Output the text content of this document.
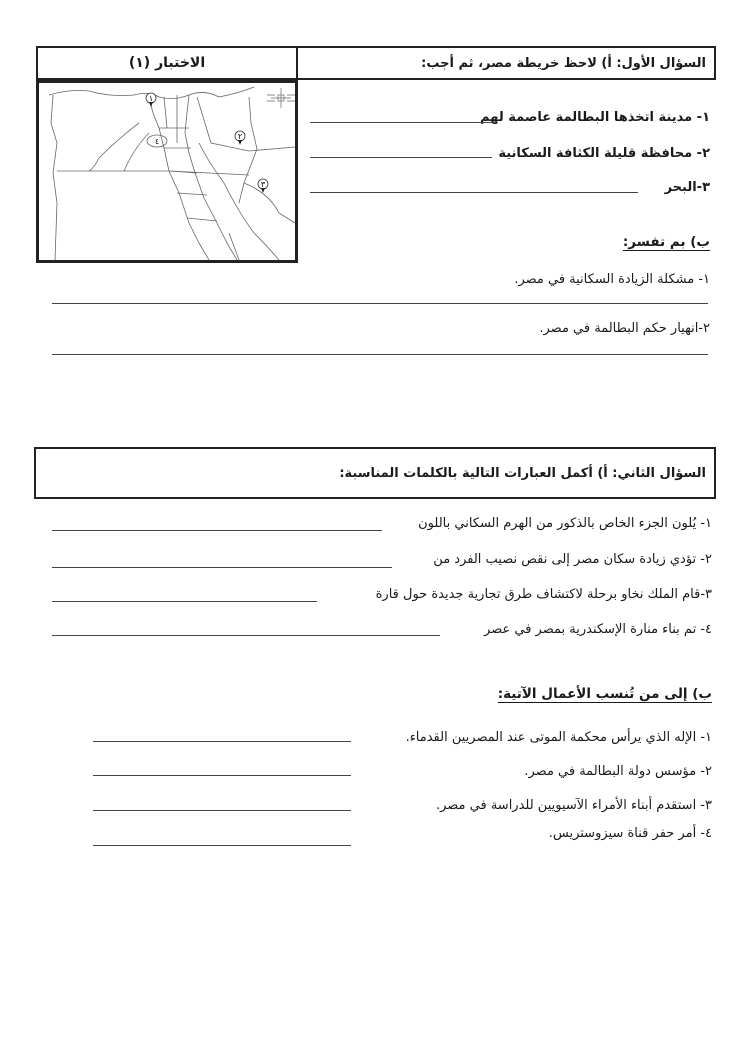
السؤال الأول: أ) لاحظ خريطة مصر، ثم أجب:
الاختبار (١)
١
٢
٣
٤
١- مدينة اتخذها البطالمة عاصمة لهم
٢- محافظة قليلة الكثافة السكانية
٣-البحر
ب) بم تفسر:
١- مشكلة الزيادة السكانية في مصر.
٢-انهيار حكم البطالمة في مصر.
السؤال الثاني: أ) أكمل العبارات التالية بالكلمات المناسبة:
١- يُلون الجزء الخاص بالذكور من الهرم السكاني باللون
٢- تؤدي زيادة سكان مصر إلى نقص نصيب الفرد من
٣-قام الملك نخاو برحلة لاكتشاف طرق تجارية جديدة حول قارة
٤- تم بناء منارة الإسكندرية بمصر في عصر
ب) إلى من تُنسب الأعمال الآتية:
١- الإله الذي يرأس محكمة الموتى عند المصريين القدماء.
٢- مؤسس دولة البطالمة في مصر.
٣- استقدم أبناء الأمراء الآسيويين للدراسة في مصر.
٤- أمر حفر قناة سيزوستريس.
